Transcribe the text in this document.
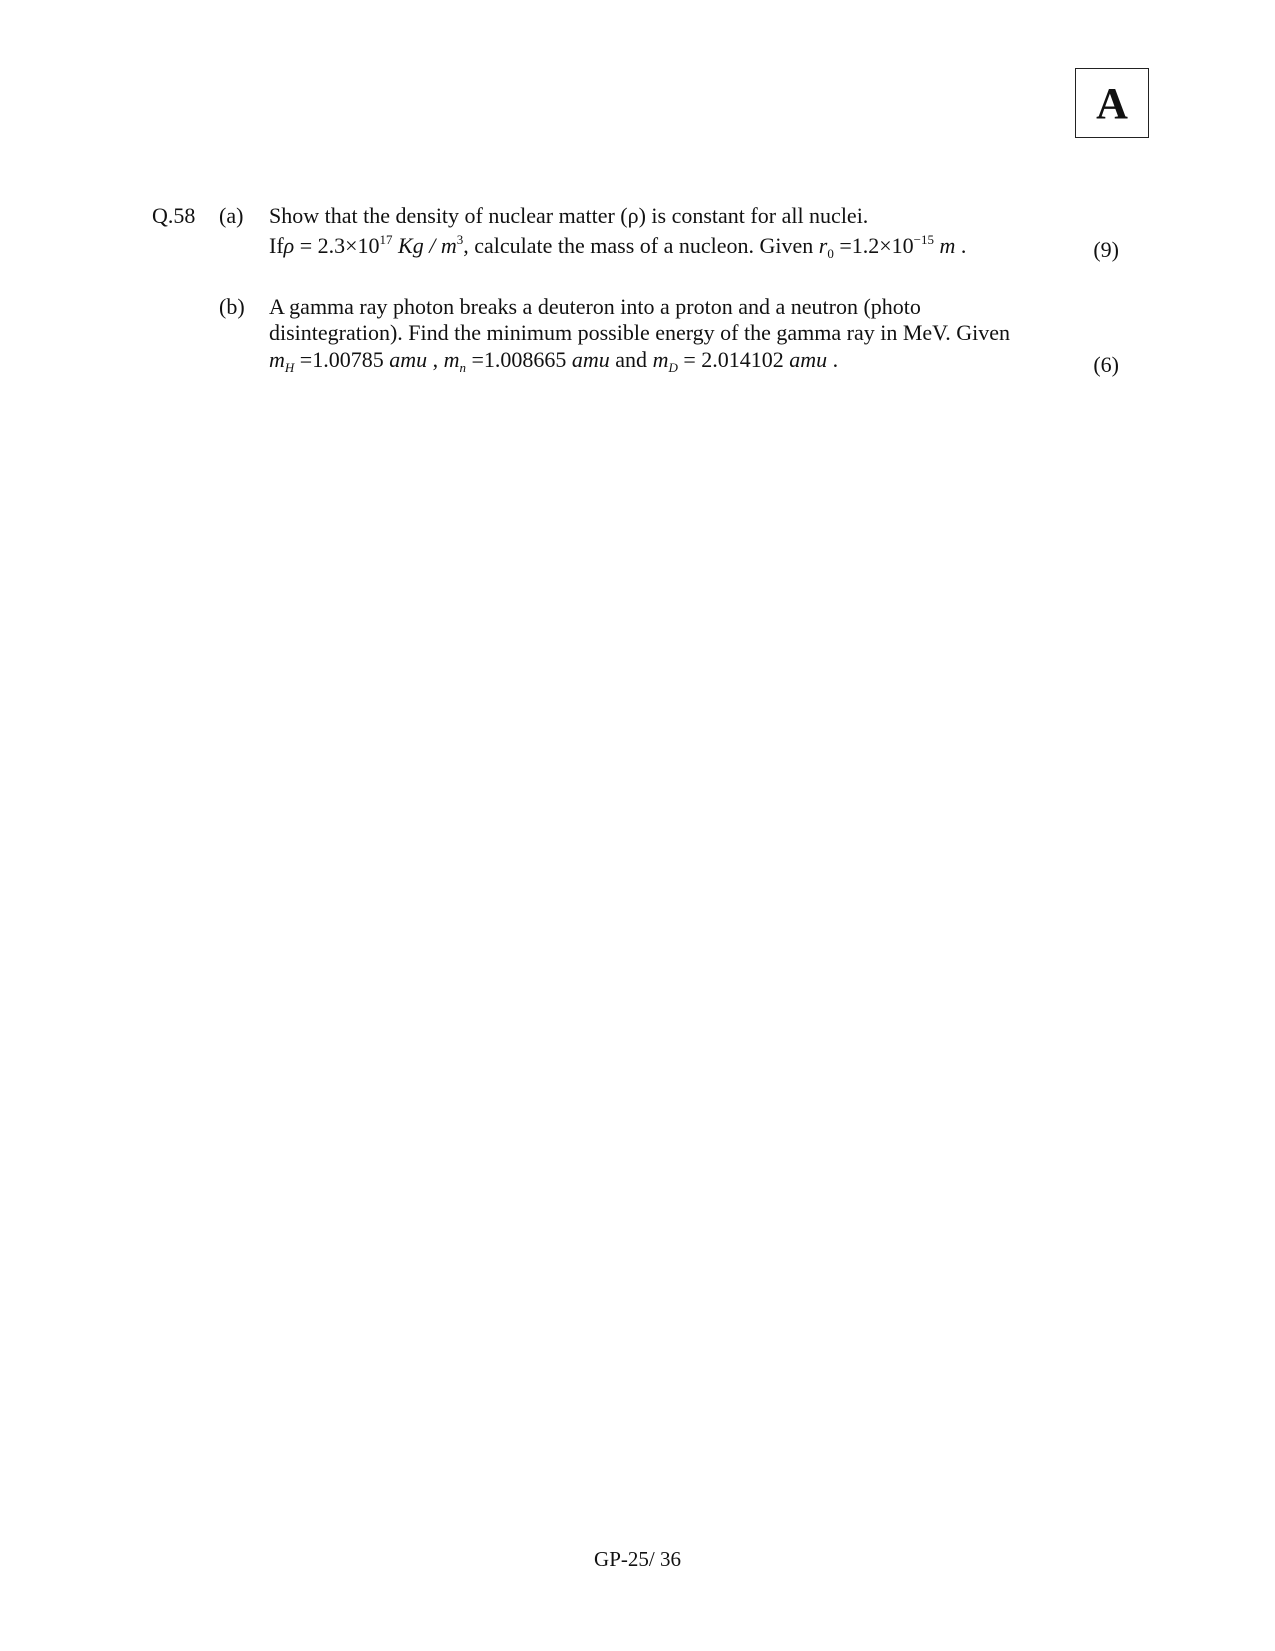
A
Q.58 (a) Show that the density of nuclear matter (ρ) is constant for all nuclei.
$If\rho = 2.3\times 10^{17}$ Kg / $m^3$, calculate the mass of a nucleon. Given $r_0 =1.2\times 10^{-15}$ m .	(9)
(b) A gamma ray photon breaks a deuteron into a proton and a neutron (photo
disintegration). Find the minimum possible energy of the gamma ray in MeV. Given
$m_H =1.00785$ amu , $m_n =1.008665$ amu and $m_D = 2.014102$ amu .	(6)
GP-25/ 36
